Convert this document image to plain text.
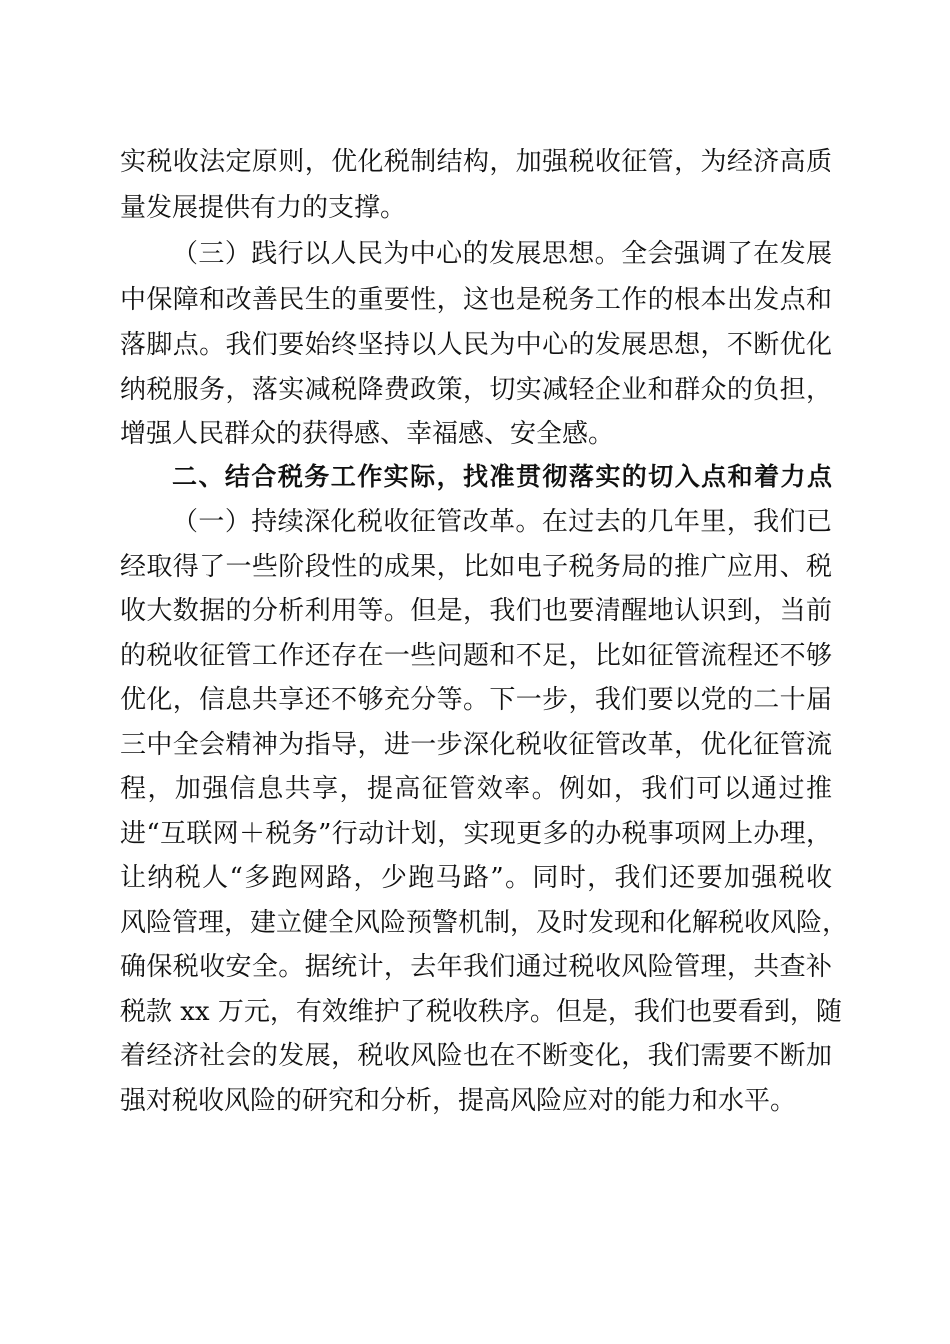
实税收法定原则，优化税制结构，加强税收征管，为经济高质
量发展提供有力的支撑。
（三）践行以人民为中心的发展思想。全会强调了在发展
中保障和改善民生的重要性，这也是税务工作的根本出发点和
落脚点。我们要始终坚持以人民为中心的发展思想，不断优化
纳税服务，落实减税降费政策，切实减轻企业和群众的负担，
增强人民群众的获得感、幸福感、安全感。
二、结合税务工作实际，找准贯彻落实的切入点和着力点
（一）持续深化税收征管改革。在过去的几年里，我们已
经取得了一些阶段性的成果，比如电子税务局的推广应用、税
收大数据的分析利用等。但是，我们也要清醒地认识到，当前
的税收征管工作还存在一些问题和不足，比如征管流程还不够
优化，信息共享还不够充分等。下一步，我们要以党的二十届
三中全会精神为指导，进一步深化税收征管改革，优化征管流
程，加强信息共享，提高征管效率。例如，我们可以通过推
进“互联网＋税务”行动计划，实现更多的办税事项网上办理，
让纳税人“多跑网路，少跑马路”。同时，我们还要加强税收
风险管理，建立健全风险预警机制，及时发现和化解税收风险，
确保税收安全。据统计，去年我们通过税收风险管理，共查补
税款 xx 万元，有效维护了税收秩序。但是，我们也要看到，随
着经济社会的发展，税收风险也在不断变化，我们需要不断加
强对税收风险的研究和分析，提高风险应对的能力和水平。
